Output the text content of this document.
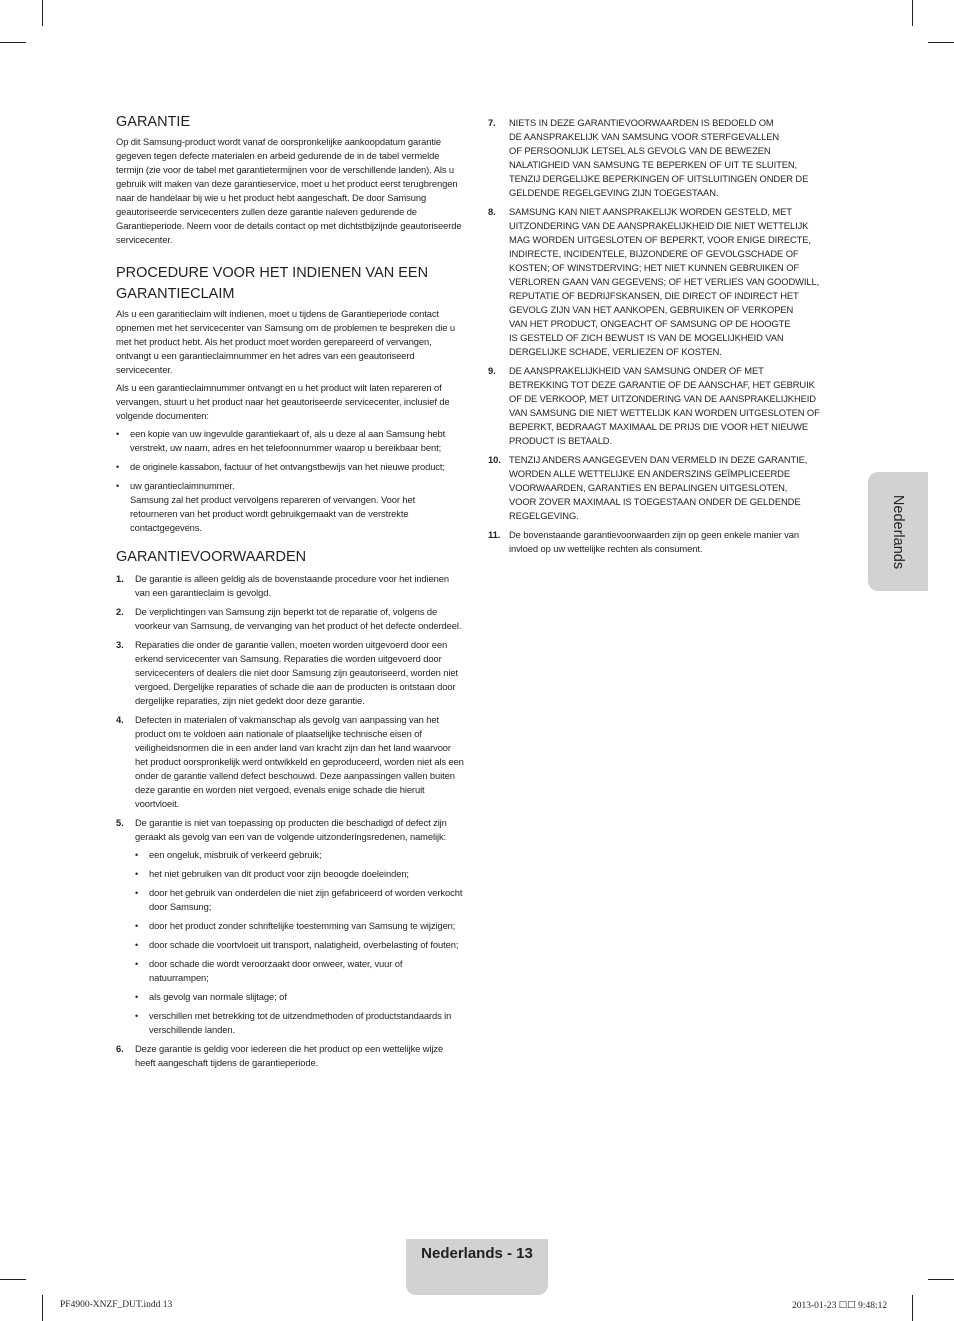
GARANTIE

Op dit Samsung-product wordt vanaf de oorspronkelijke aankoopdatum garantie gegeven tegen defecte materialen en arbeid gedurende de in de tabel vermelde termijn (zie voor de tabel met garantietermijnen voor de verschillende landen). Als u gebruik wilt maken van deze garantieservice, moet u het product eerst terugbrengen naar de handelaar bij wie u het product hebt aangeschaft. De door Samsung geautoriseerde servicecenters zullen deze garantie naleven gedurende de Garantieperiode. Neem voor de details contact op met dichtstbijzijnde geautoriseerde servicecenter.

PROCEDURE VOOR HET INDIENEN VAN EEN GARANTIECLAIM

Als u een garantieclaim wilt indienen, moet u tijdens de Garantieperiode contact opnemen met het servicecenter van Samsung om de problemen te bespreken die u met het product hebt. Als het product moet worden gerepareerd of vervangen, ontvangt u een garantieclaimnummer en het adres van een geautoriseerd servicecenter.

Als u een garantieclaimnummer ontvangt en u het product wilt laten repareren of vervangen, stuurt u het product naar het geautoriseerde servicecenter, inclusief de volgende documenten:

• een kopie van uw ingevulde garantiekaart of, als u deze al aan Samsung hebt verstrekt, uw naam, adres en het telefoonnummer waarop u bereikbaar bent;
• de originele kassabon, factuur of het ontvangstbewijs van het nieuwe product;
• uw garantieclaimnummer.
Samsung zal het product vervolgens repareren of vervangen. Voor het retourneren van het product wordt gebruikgemaakt van de verstrekte contactgegevens.
GARANTIEVOORWAARDEN
1. De garantie is alleen geldig als de bovenstaande procedure voor het indienen van een garantieclaim is gevolgd.
2. De verplichtingen van Samsung zijn beperkt tot de reparatie of, volgens de voorkeur van Samsung, de vervanging van het product of het defecte onderdeel.
3. Reparaties die onder de garantie vallen, moeten worden uitgevoerd door een erkend servicecenter van Samsung. Reparaties die worden uitgevoerd door servicecenters of dealers die niet door Samsung zijn geautoriseerd, worden niet vergoed. Dergelijke reparaties of schade die aan de producten is ontstaan door dergelijke reparaties, zijn niet gedekt door deze garantie.
4. Defecten in materialen of vakmanschap als gevolg van aanpassing van het product om te voldoen aan nationale of plaatselijke technische eisen of veiligheidsnormen die in een ander land van kracht zijn dan het land waarvoor het product oorspronkelijk werd ontwikkeld en geproduceerd, worden niet als een onder de garantie vallend defect beschouwd. Deze aanpassingen vallen buiten deze garantie en worden niet vergoed, evenals enige schade die hieruit voortvloeit.
5. De garantie is niet van toepassing op producten die beschadigd of defect zijn geraakt als gevolg van een van de volgende uitzonderingsredenen, namelijk:
• een ongeluk, misbruik of verkeerd gebruik;
• het niet gebruiken van dit product voor zijn beoogde doeleinden;
• door het gebruik van onderdelen die niet zijn gefabriceerd of worden verkocht door Samsung;
• door het product zonder schriftelijke toestemming van Samsung te wijzigen;
• door schade die voortvloeit uit transport, nalatigheid, overbelasting of fouten;
• door schade die wordt veroorzaakt door onweer, water, vuur of natuurrampen;
• als gevolg van normale slijtage; of
• verschillen met betrekking tot de uitzendmethoden of productstandaards in verschillende landen.
6. Deze garantie is geldig voor iedereen die het product op een wettelijke wijze heeft aangeschaft tijdens de garantieperiode.
7. NIETS IN DEZE GARANTIEVOORWAARDEN IS BEDOELD OM
DE AANSPRAKELIJK VAN SAMSUNG VOOR STERFGEVALLEN
OF PERSOONLIJK LETSEL ALS GEVOLG VAN DE BEWEZEN
NALATIGHEID VAN SAMSUNG TE BEPERKEN OF UIT TE SLUITEN,
TENZIJ DERGELIJKE BEPERKINGEN OF UITSLUITINGEN ONDER DE
GELDENDE REGELGEVING ZIJN TOEGESTAAN.
8. SAMSUNG KAN NIET AANSPRAKELIJK WORDEN GESTELD, MET
UITZONDERING VAN DE AANSPRAKELIJKHEID DIE NIET WETTELIJK
MAG WORDEN UITGESLOTEN OF BEPERKT, VOOR ENIGE DIRECTE,
INDIRECTE, INCIDENTELE, BIJZONDERE OF GEVOLGSCHADE OF
KOSTEN; OF WINSTDERVING; HET NIET KUNNEN GEBRUIKEN OF
VERLOREN GAAN VAN GEGEVENS; OF HET VERLIES VAN GOODWILL,
REPUTATIE OF BEDRIJFSKANSEN, DIE DIRECT OF INDIRECT HET
GEVOLG ZIJN VAN HET AANKOPEN, GEBRUIKEN OF VERKOPEN
VAN HET PRODUCT, ONGEACHT OF SAMSUNG OP DE HOOGTE
IS GESTELD OF ZICH BEWUST IS VAN DE MOGELIJKHEID VAN
DERGELIJKE SCHADE, VERLIEZEN OF KOSTEN.
9. DE AANSPRAKELIJKHEID VAN SAMSUNG ONDER OF MET
BETREKKING TOT DEZE GARANTIE OF DE AANSCHAF, HET GEBRUIK
OF DE VERKOOP, MET UITZONDERING VAN DE AANSPRAKELIJKHEID
VAN SAMSUNG DIE NIET WETTELIJK KAN WORDEN UITGESLOTEN OF
BEPERKT, BEDRAAGT MAXIMAAL DE PRIJS DIE VOOR HET NIEUWE
PRODUCT IS BETAALD.
10. TENZIJ ANDERS AANGEGEVEN DAN VERMELD IN DEZE GARANTIE,
WORDEN ALLE WETTELIJKE EN ANDERSZINS GEÏMPLICEERDE
VOORWAARDEN, GARANTIES EN BEPALINGEN UITGESLOTEN,
VOOR ZOVER MAXIMAAL IS TOEGESTAAN ONDER DE GELDENDE
REGELGEVING.
11. De bovenstaande garantievoorwaarden zijn op geen enkele manier van
invloed op uw wettelijke rechten als consument.	Nederlands
Nederlands - 13
PF4900-XNZF_DUT.indd 13	2013-01-23 ☐☐ 9:48:12
